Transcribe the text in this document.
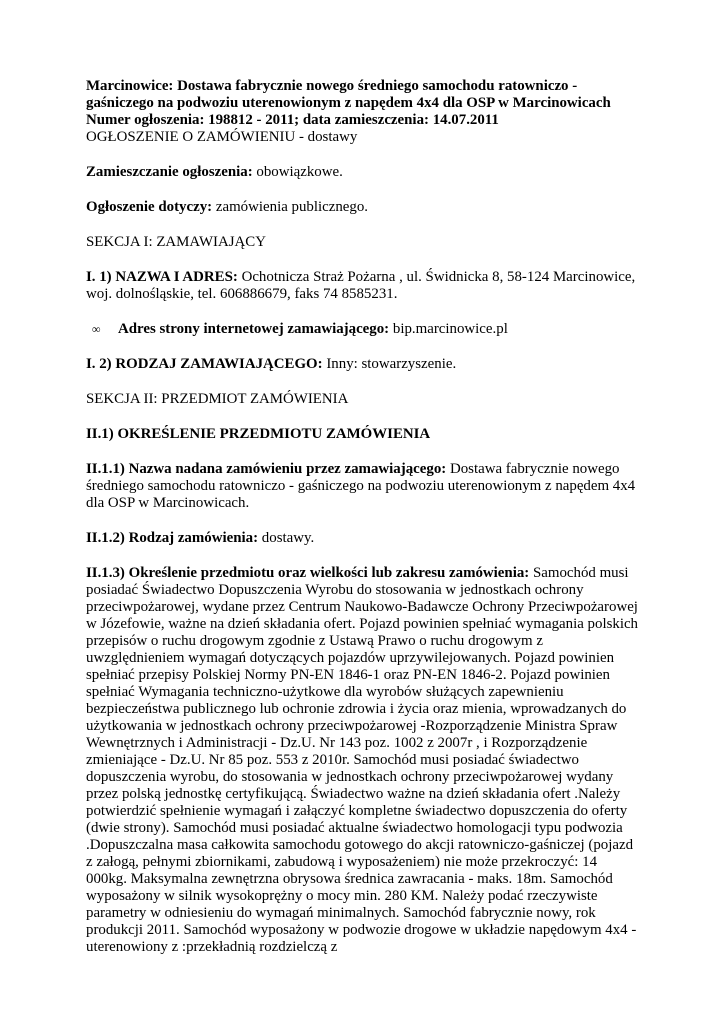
Marcinowice: Dostawa fabrycznie nowego średniego samochodu ratowniczo -

gaśniczego na podwoziu uterenowionym z napędem 4x4 dla OSP w Marcinowicach

Numer ogłoszenia: 198812 - 2011; data zamieszczenia: 14.07.2011

OGŁOSZENIE O ZAMÓWIENIU - dostawy

Zamieszczanie ogłoszenia: obowiązkowe.

Ogłoszenie dotyczy: zamówienia publicznego.

SEKCJA I: ZAMAWIAJĄCY

I. 1) NAZWA I ADRES: Ochotnicza Straż Pożarna , ul. Świdnicka 8, 58-124 Marcinowice, woj. dolnośląskie, tel. 606886679, faks 74 8585231.

∞ Adres strony internetowej zamawiającego: bip.marcinowice.pl

I. 2) RODZAJ ZAMAWIAJĄCEGO: Inny: stowarzyszenie.

SEKCJA II: PRZEDMIOT ZAMÓWIENIA

II.1) OKREŚLENIE PRZEDMIOTU ZAMÓWIENIA

II.1.1) Nazwa nadana zamówieniu przez zamawiającego: Dostawa fabrycznie nowego średniego samochodu ratowniczo - gaśniczego na podwoziu uterenowionym z napędem 4x4 dla OSP w Marcinowicach.

II.1.2) Rodzaj zamówienia: dostawy.

II.1.3) Określenie przedmiotu oraz wielkości lub zakresu zamówienia: Samochód musi posiadać Świadectwo Dopuszczenia Wyrobu do stosowania w jednostkach ochrony przeciwpożarowej, wydane przez Centrum Naukowo-Badawcze Ochrony Przeciwpożarowej w Józefowie, ważne na dzień składania ofert. Pojazd powinien spełniać wymagania polskich przepisów o ruchu drogowym zgodnie z Ustawą Prawo o ruchu drogowym z uwzględnieniem wymagań dotyczących pojazdów uprzywilejowanych. Pojazd powinien spełniać przepisy Polskiej Normy PN-EN 1846-1 oraz PN-EN 1846-2. Pojazd powinien spełniać Wymagania techniczno-użytkowe dla wyrobów służących zapewnieniu bezpieczeństwa publicznego lub ochronie zdrowia i życia oraz mienia, wprowadzanych do użytkowania w jednostkach ochrony przeciwpożarowej -Rozporządzenie Ministra Spraw Wewnętrznych i Administracji - Dz.U. Nr 143 poz. 1002 z 2007r , i Rozporządzenie zmieniające - Dz.U. Nr 85 poz. 553 z 2010r. Samochód musi posiadać świadectwo dopuszczenia wyrobu, do stosowania w jednostkach ochrony przeciwpożarowej wydany przez polską jednostkę certyfikującą. Świadectwo ważne na dzień składania ofert .Należy potwierdzić spełnienie wymagań i załączyć kompletne świadectwo dopuszczenia do oferty (dwie strony). Samochód musi posiadać aktualne świadectwo homologacji typu podwozia .Dopuszczalna masa całkowita samochodu gotowego do akcji ratowniczo-gaśniczej (pojazd z załogą, pełnymi zbiornikami, zabudową i wyposażeniem) nie może przekroczyć: 14 000kg. Maksymalna zewnętrzna obrysowa średnica zawracania - maks. 18m. Samochód wyposażony w silnik wysokoprężny o mocy min. 280 KM. Należy podać rzeczywiste parametry w odniesieniu do wymagań minimalnych. Samochód fabrycznie nowy, rok produkcji 2011. Samochód wyposażony w podwozie drogowe w układzie napędowym 4x4 -uterenowiony z :przekładnią rozdzielczą z
